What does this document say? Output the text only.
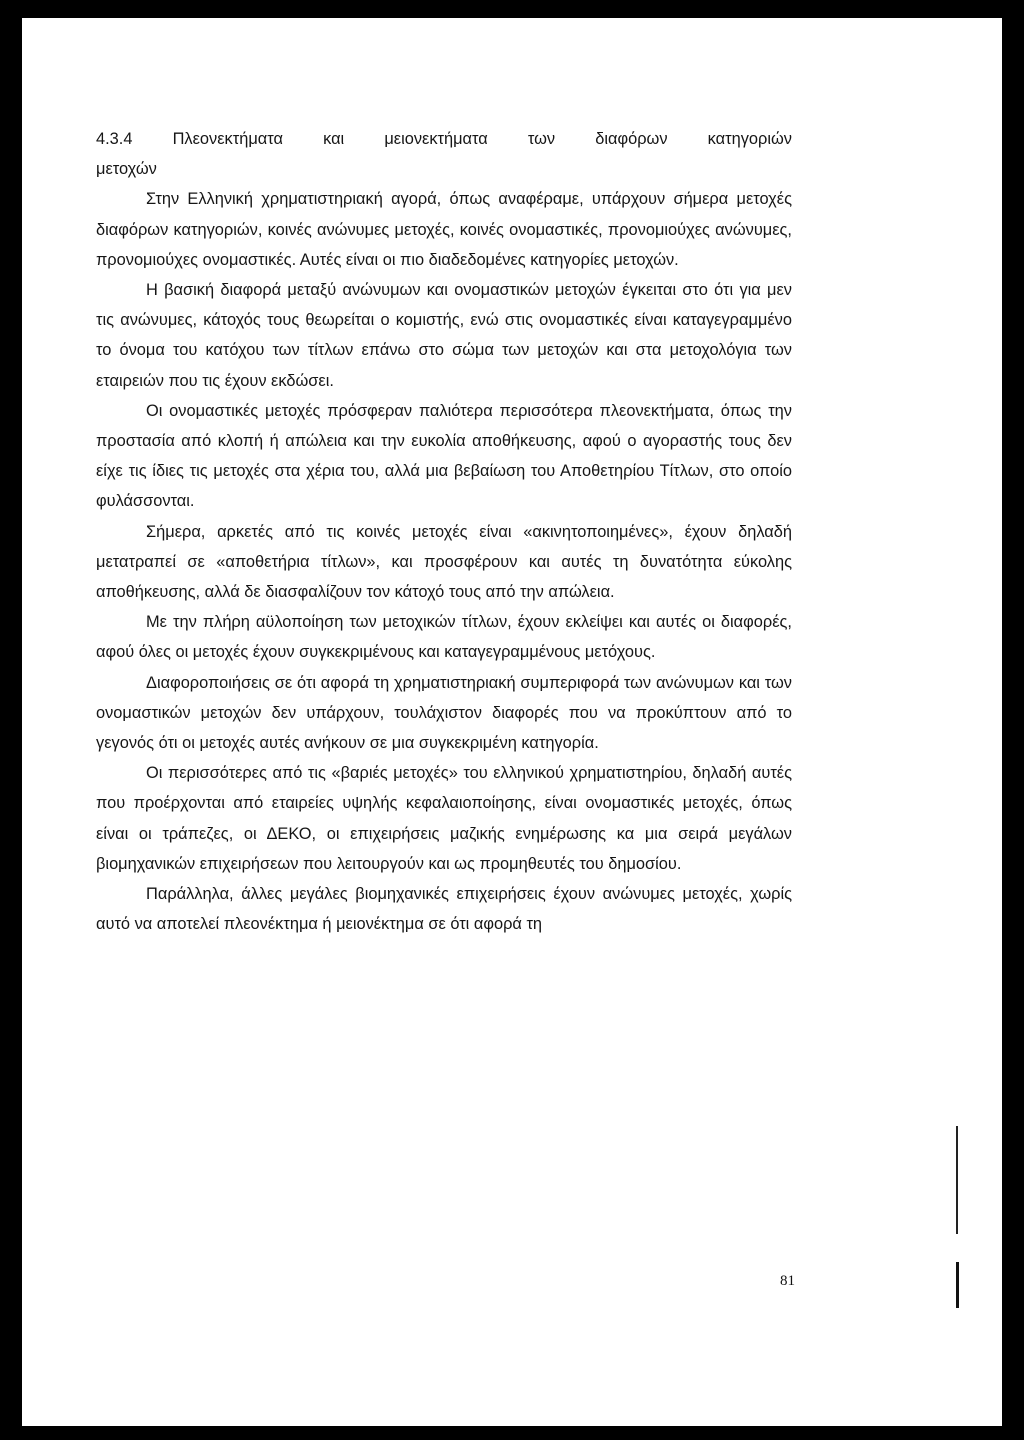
4.3.4 Πλεονεκτήματα και μειονεκτήματα των διαφόρων κατηγοριών

μετοχών

Στην Ελληνική χρηματιστηριακή αγορά, όπως αναφέραμε, υπάρχουν σήμερα μετοχές διαφόρων κατηγοριών, κοινές ανώνυμες μετοχές, κοινές ονομαστικές, προνομιούχες ανώνυμες, προνομιούχες ονομαστικές. Αυτές είναι οι πιο διαδεδομένες κατηγορίες μετοχών.

Η βασική διαφορά μεταξύ ανώνυμων και ονομαστικών μετοχών έγκειται στο ότι για μεν τις ανώνυμες, κάτοχός τους θεωρείται ο κομιστής, ενώ στις ονομαστικές είναι καταγεγραμμένο το όνομα του κατόχου των τίτλων επάνω στο σώμα των μετοχών και στα μετοχολόγια των εταιρειών που τις έχουν εκδώσει.

Οι ονομαστικές μετοχές πρόσφεραν παλιότερα περισσότερα πλεονεκτήματα, όπως την προστασία από κλοπή ή απώλεια και την ευκολία αποθήκευσης, αφού ο αγοραστής τους δεν είχε τις ίδιες τις μετοχές στα χέρια του, αλλά μια βεβαίωση του Αποθετηρίου Τίτλων, στο οποίο φυλάσσονται.

Σήμερα, αρκετές από τις κοινές μετοχές είναι «ακινητοποιημένες», έχουν δηλαδή μετατραπεί σε «αποθετήρια τίτλων», και προσφέρουν και αυτές τη δυνατότητα εύκολης αποθήκευσης, αλλά δε διασφαλίζουν τον κάτοχό τους από την απώλεια.

Με την πλήρη αϋλοποίηση των μετοχικών τίτλων, έχουν εκλείψει και αυτές οι διαφορές, αφού όλες οι μετοχές έχουν συγκεκριμένους και καταγεγραμμένους μετόχους.

Διαφοροποιήσεις σε ότι αφορά τη χρηματιστηριακή συμπεριφορά των ανώνυμων και των ονομαστικών μετοχών δεν υπάρχουν, τουλάχιστον διαφορές που να προκύπτουν από το γεγονός ότι οι μετοχές αυτές ανήκουν σε μια συγκεκριμένη κατηγορία.

Οι περισσότερες από τις «βαριές μετοχές» του ελληνικού χρηματιστηρίου, δηλαδή αυτές που προέρχονται από εταιρείες υψηλής κεφαλαιοποίησης, είναι ονομαστικές μετοχές, όπως είναι οι τράπεζες, οι ΔΕΚΟ, οι επιχειρήσεις μαζικής ενημέρωσης κα μια σειρά μεγάλων βιομηχανικών επιχειρήσεων που λειτουργούν και ως προμηθευτές του δημοσίου.

Παράλληλα, άλλες μεγάλες βιομηχανικές επιχειρήσεις έχουν ανώνυμες μετοχές, χωρίς αυτό να αποτελεί πλεονέκτημα ή μειονέκτημα σε ότι αφορά τη

81
